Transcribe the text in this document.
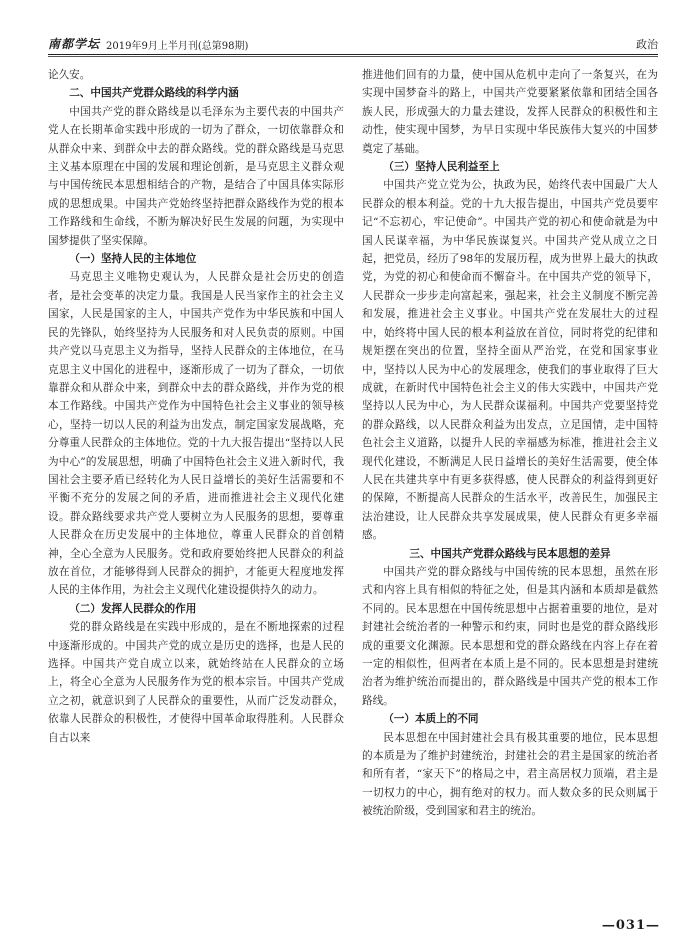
南都学坛 2019年9月上半月刊(总第98期)	政治

论久安。

二、中国共产党群众路线的科学内涵

中国共产党的群众路线是以毛泽东为主要代表的中国共产党人在长期革命实践中形成的一切为了群众，一切依靠群众和从群众中来、到群众中去的群众路线。党的群众路线是马克思主义基本原理在中国的发展和理论创新，是马克思主义群众观与中国传统民本思想相结合的产物，是结合了中国具体实际形成的思想成果。中国共产党始终坚持把群众路线作为党的根本工作路线和生命线，不断为解决好民生发展的问题，为实现中国梦提供了坚实保障。

（一）坚持人民的主体地位

马克思主义唯物史观认为，人民群众是社会历史的创造者，是社会变革的决定力量。我国是人民当家作主的社会主义国家，人民是国家的主人，中国共产党作为中华民族和中国人民的先锋队，始终坚持为人民服务和对人民负责的原则。中国共产党以马克思主义为指导，坚持人民群众的主体地位，在马克思主义中国化的进程中，逐渐形成了一切为了群众，一切依靠群众和从群众中来，到群众中去的群众路线，并作为党的根本工作路线。中国共产党作为中国特色社会主义事业的领导核心，坚持一切以人民的利益为出发点，制定国家发展战略，充分尊重人民群众的主体地位。党的十九大报告提出“坚持以人民为中心”的发展思想，明确了中国特色社会主义进入新时代，我国社会主要矛盾已经转化为人民日益增长的美好生活需要和不平衡不充分的发展之间的矛盾，进而推进社会主义现代化建设。群众路线要求共产党人要树立为人民服务的思想，要尊重人民群众在历史发展中的主体地位，尊重人民群众的首创精神，全心全意为人民服务。党和政府要始终把人民群众的利益放在首位，才能够得到人民群众的拥护，才能更大程度地发挥人民的主体作用，为社会主义现代化建设提供持久的动力。

（二）发挥人民群众的作用

党的群众路线是在实践中形成的，是在不断地探索的过程中逐渐形成的。中国共产党的成立是历史的选择，也是人民的选择。中国共产党自成立以来，就始终站在人民群众的立场上，将全心全意为人民服务作为党的根本宗旨。中国共产党成立之初，就意识到了人民群众的重要性，从而广泛发动群众，依靠人民群众的积极性，才使得中国革命取得胜利。人民群众自古以来

推进他们回有的力量，使中国从危机中走向了一条复兴，在为实现中国梦奋斗的路上，中国共产党要紧紧依靠和团结全国各族人民，形成强大的力量去建设，发挥人民群众的积极性和主动性，使实现中国梦，为早日实现中华民族伟大复兴的中国梦奠定了基础。

（三）坚持人民利益至上

中国共产党立党为公，执政为民，始终代表中国最广大人民群众的根本利益。党的十九大报告提出，中国共产党员要牢记“不忘初心，牢记使命”。中国共产党的初心和使命就是为中国人民谋幸福，为中华民族谋复兴。中国共产党从成立之日起，把党员，经历了98年的发展历程，成为世界上最大的执政党，为党的初心和使命而不懈奋斗。在中国共产党的领导下，人民群众一步步走向富起来，强起来，社会主义制度不断完善和发展，推进社会主义事业。中国共产党在发展壮大的过程中，始终将中国人民的根本利益放在首位，同时将党的纪律和规矩摆在突出的位置，坚持全面从严治党，在党和国家事业中，坚持以人民为中心的发展理念，使我们的事业取得了巨大成就，在新时代中国特色社会主义的伟大实践中，中国共产党坚持以人民为中心，为人民群众谋福利。中国共产党要坚持党的群众路线，以人民群众利益为出发点，立足国情，走中国特色社会主义道路，以提升人民的幸福感为标准，推进社会主义现代化建设，不断满足人民日益增长的美好生活需要，使全体人民在共建共享中有更多获得感，使人民群众的利益得到更好的保障，不断提高人民群众的生活水平，改善民生，加强民主法治建设，让人民群众共享发展成果，使人民群众有更多幸福感。

三、中国共产党群众路线与民本思想的差异

中国共产党的群众路线与中国传统的民本思想，虽然在形式和内容上具有相似的特征之处，但是其内涵和本质却是截然不同的。民本思想在中国传统思想中占据着重要的地位，是对封建社会统治者的一种警示和约束，同时也是党的群众路线形成的重要文化渊源。民本思想和党的群众路线在内容上存在着一定的相似性，但两者在本质上是不同的。民本思想是封建统治者为维护统治而提出的，群众路线是中国共产党的根本工作路线。

（一）本质上的不同

民本思想在中国封建社会具有极其重要的地位，民本思想的本质是为了维护封建统治，封建社会的君主是国家的统治者和所有者，“家天下”的格局之中，君主高居权力顶端，君主是一切权力的中心，拥有绝对的权力。而人数众多的民众则属于被统治阶级，受到国家和君主的统治。

—031—
